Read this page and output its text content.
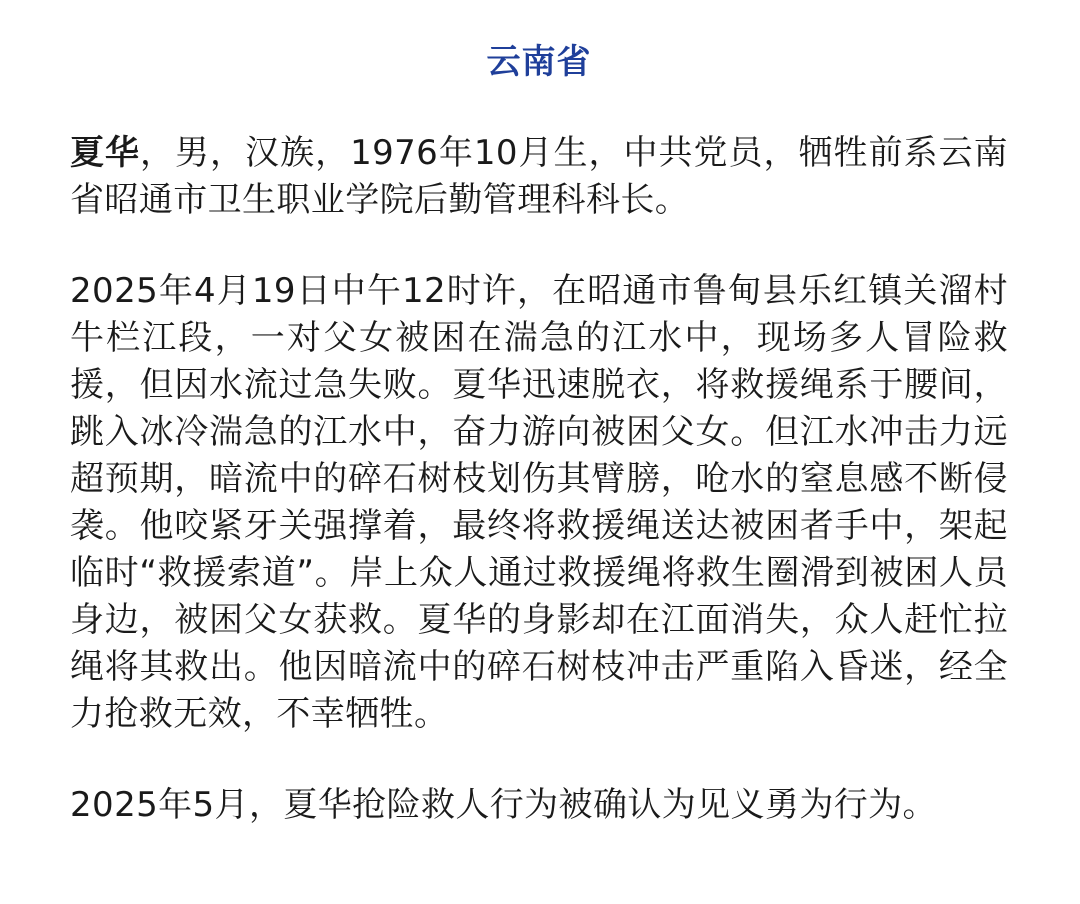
云南省

夏华，男，汉族，1976年10月生，中共党员，牺牲前系云南省昭通市卫生职业学院后勤管理科科长。

2025年4月19日中午12时许，在昭通市鲁甸县乐红镇关溜村牛栏江段，一对父女被困在湍急的江水中，现场多人冒险救援，但因水流过急失败。夏华迅速脱衣，将救援绳系于腰间，跳入冰冷湍急的江水中，奋力游向被困父女。但江水冲击力远超预期，暗流中的碎石树枝划伤其臂膀，呛水的窒息感不断侵袭。他咬紧牙关强撑着，最终将救援绳送达被困者手中，架起临时“救援索道”。岸上众人通过救援绳将救生圈滑到被困人员身边，被困父女获救。夏华的身影却在江面消失，众人赶忙拉绳将其救出。他因暗流中的碎石树枝冲击严重陷入昏迷，经全力抢救无效，不幸牺牲。

2025年5月，夏华抢险救人行为被确认为见义勇为行为。
